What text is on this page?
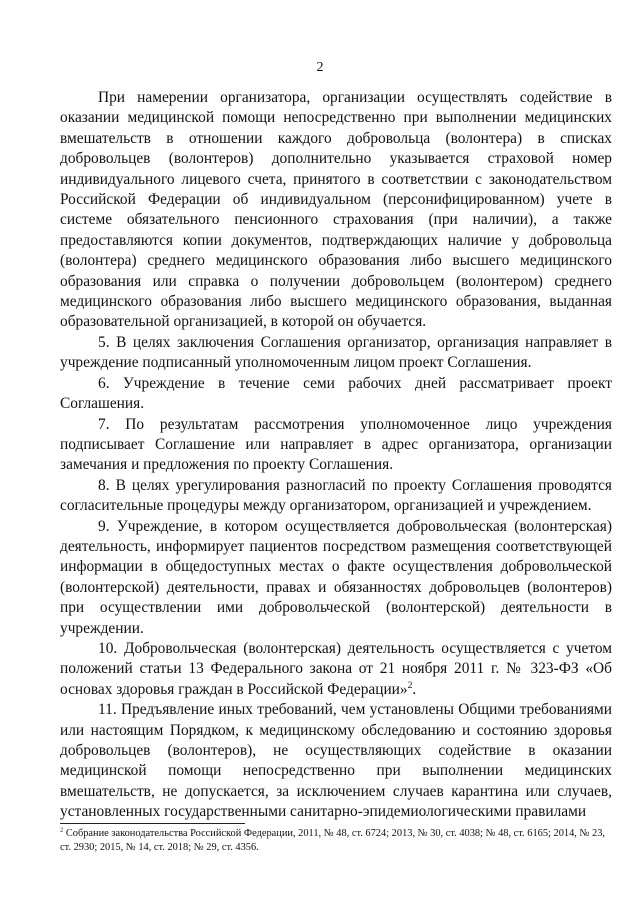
2

При намерении организатора, организации осуществлять содействие в оказании медицинской помощи непосредственно при выполнении медицинских вмешательств в отношении каждого добровольца (волонтера) в списках добровольцев (волонтеров) дополнительно указывается страховой номер индивидуального лицевого счета, принятого в соответствии с законодательством Российской Федерации об индивидуальном (персонифицированном) учете в системе обязательного пенсионного страхования (при наличии), а также предоставляются копии документов, подтверждающих наличие у добровольца (волонтера) среднего медицинского образования либо высшего медицинского образования или справка о получении добровольцем (волонтером) среднего медицинского образования либо высшего медицинского образования, выданная образовательной организацией, в которой он обучается.

5. В целях заключения Соглашения организатор, организация направляет в учреждение подписанный уполномоченным лицом проект Соглашения.

6. Учреждение в течение семи рабочих дней рассматривает проект Соглашения.

7. По результатам рассмотрения уполномоченное лицо учреждения подписывает Соглашение или направляет в адрес организатора, организации замечания и предложения по проекту Соглашения.

8. В целях урегулирования разногласий по проекту Соглашения проводятся согласительные процедуры между организатором, организацией и учреждением.

9. Учреждение, в котором осуществляется добровольческая (волонтерская) деятельность, информирует пациентов посредством размещения соответствующей информации в общедоступных местах о факте осуществления добровольческой (волонтерской) деятельности, правах и обязанностях добровольцев (волонтеров) при осуществлении ими добровольческой (волонтерской) деятельности в учреждении.

10. Добровольческая (волонтерская) деятельность осуществляется с учетом положений статьи 13 Федерального закона от 21 ноября 2011 г. № 323-ФЗ «Об основах здоровья граждан в Российской Федерации»$^2$.

11. Предъявление иных требований, чем установлены Общими требованиями или настоящим Порядком, к медицинскому обследованию и состоянию здоровья добровольцев (волонтеров), не осуществляющих содействие в оказании медицинской помощи непосредственно при выполнении медицинских вмешательств, не допускается, за исключением случаев карантина или случаев, установленных государственными санитарно-эпидемиологическими правилами

$^2$ Собрание законодательства Российской Федерации, 2011, № 48, ст. 6724; 2013, № 30, ст. 4038; № 48, ст. 6165; 2014, № 23, ст. 2930; 2015, № 14, ст. 2018; № 29, ст. 4356.
